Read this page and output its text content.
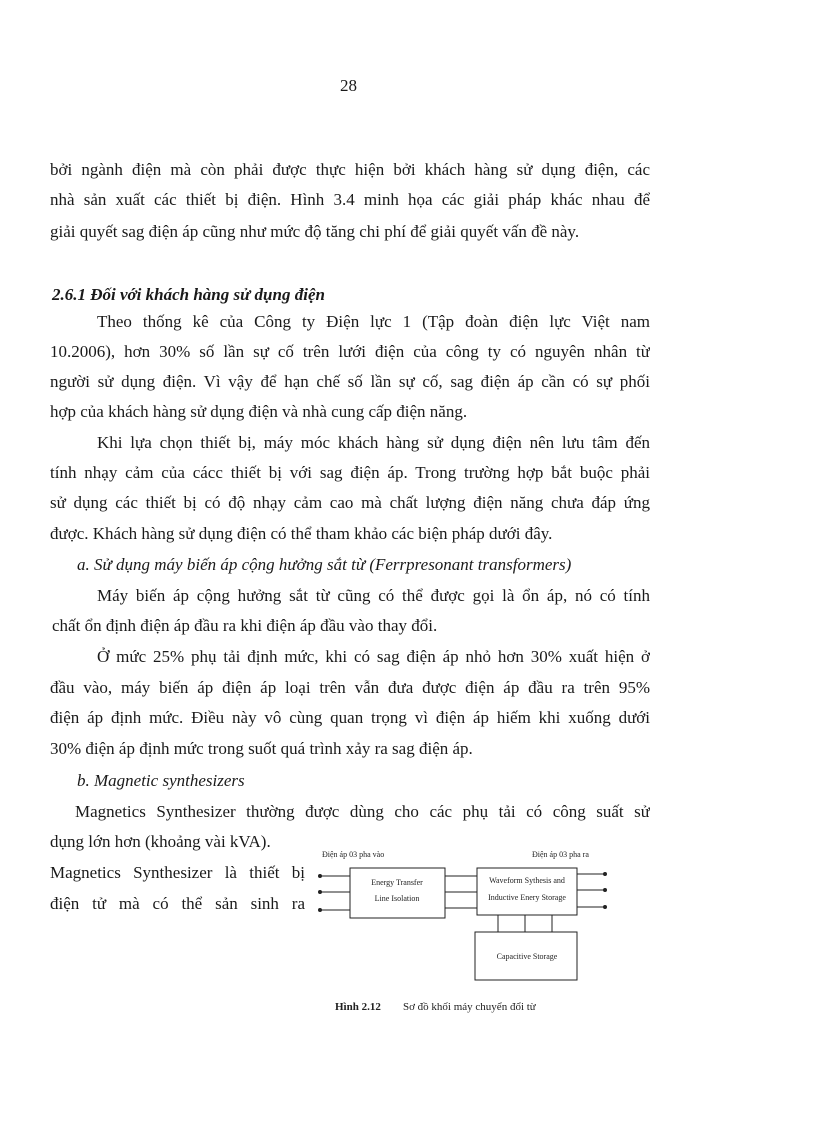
28
bởi ngành điện mà còn phải được thực hiện bởi khách hàng sử dụng điện, các
nhà sản xuất các thiết bị điện. Hình 3.4 minh họa các giải pháp khác nhau để
giải quyết sag điện áp cũng như mức độ tăng chi phí để giải quyết vấn đề này.
2.6.1 Đối với khách hàng sử dụng điện
Theo thống kê của Công ty Điện lực 1 (Tập đoàn điện lực Việt nam
10.2006), hơn 30% số lần sự cố trên lưới điện của công ty có nguyên nhân từ
người sử dụng điện. Vì vậy để hạn chế số lần sự cố, sag điện áp cần có sự phối
hợp của khách hàng sử dụng điện và nhà cung cấp điện năng.
Khi lựa chọn thiết bị, máy móc khách hàng sử dụng điện nên lưu tâm đến
tính nhạy cảm của cácc thiết bị với sag điện áp. Trong trường hợp bắt buộc phải
sử dụng các thiết bị có độ nhạy cảm cao mà chất lượng điện năng chưa đáp ứng
được. Khách hàng sử dụng điện có thể tham khảo các biện pháp dưới đây.
a. Sử dụng máy biến áp cộng hưởng sắt từ (Ferrpresonant transformers)
Máy biến áp cộng hưởng sắt từ cũng có thể được gọi là ổn áp, nó có tính
chất ổn định điện áp đầu ra khi điện áp đầu vào thay đổi.
Ở mức 25% phụ tải định mức, khi có sag điện áp nhỏ hơn 30% xuất hiện ở
đầu vào, máy biến áp điện áp loại trên vẫn đưa được điện áp đầu ra trên 95%
điện áp định mức. Điều này vô cùng quan trọng vì điện áp hiếm khi xuống dưới
30% điện áp định mức trong suốt quá trình xảy ra sag điện áp.
b. Magnetic synthesizers
Magnetics Synthesizer thường được dùng cho các phụ tải có công suất sử
dụng lớn hơn (khoảng vài kVA).
Magnetics Synthesizer là thiết bị
điện tử mà có thể sản sinh ra
Điện áp 03 pha vào	Điện áp 03 pha ra
Energy Transfer
Line Isolation
Waveform Sythesis and
Inductive Enery Storage
Capacitive Storage
Hình 2.12 Sơ đồ khối máy chuyển đổi từ
